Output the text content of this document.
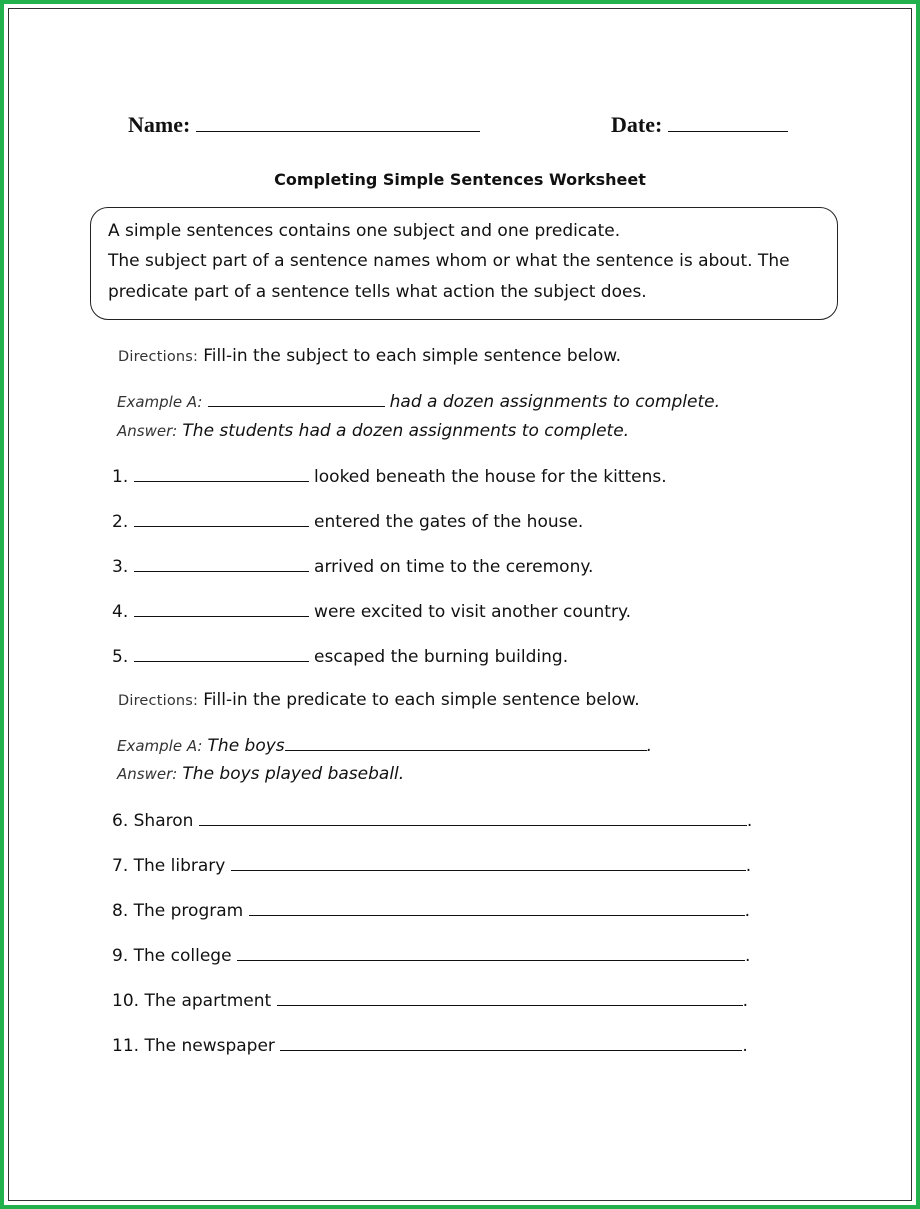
Name:	Date:
Completing Simple Sentences Worksheet
A simple sentences contains one subject and one predicate.
The subject part of a sentence names whom or what the sentence is about. The
predicate part of a sentence tells what action the subject does.
Directions: Fill-in the subject to each simple sentence below.
Example A:	had a dozen assignments to complete.
Answer: The students had a dozen assignments to complete.
1.	looked beneath the house for the kittens.
2.	entered the gates of the house.
3.	arrived on time to the ceremony.
4.	were excited to visit another country.
5.	escaped the burning building.
Directions: Fill-in the predicate to each simple sentence below.
Example A: The boys	.
Answer: The boys played baseball.
6. Sharon	.
7. The library	.
8. The program	.
9. The college	.
10. The apartment	.
11. The newspaper	.
